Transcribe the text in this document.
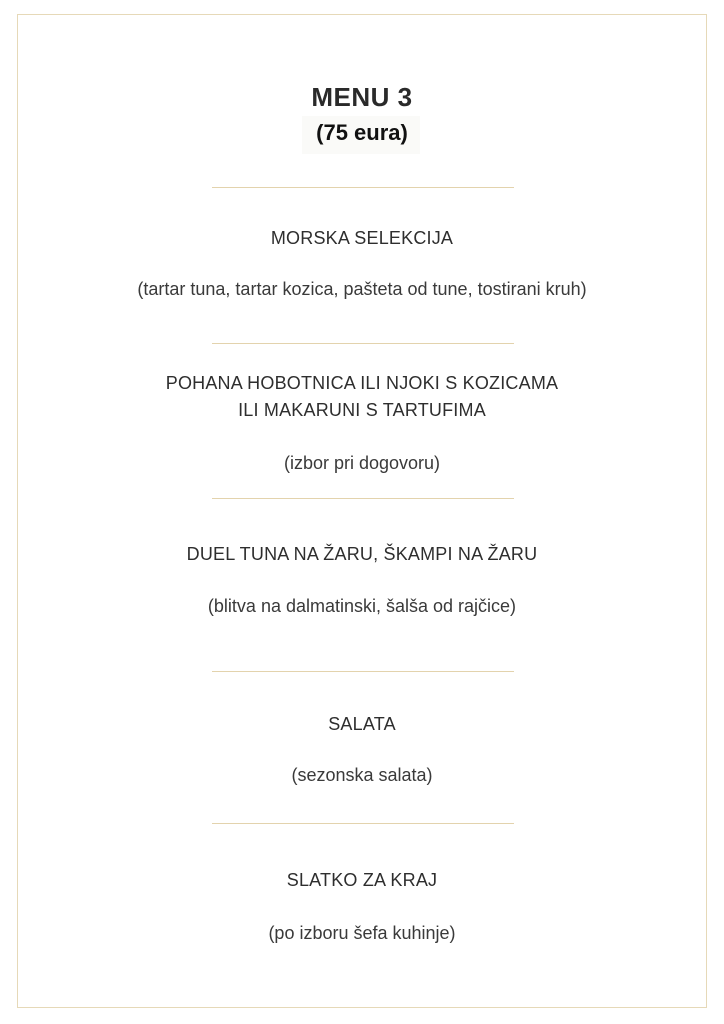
MENU 3
(75 eura)
MORSKA SELEKCIJA
(tartar tuna, tartar kozica, pašteta od tune, tostirani kruh)
POHANA HOBOTNICA ILI NJOKI S KOZICAMA
ILI MAKARUNI S TARTUFIMA
(izbor pri dogovoru)
DUEL TUNA NA ŽARU, ŠKAMPI NA ŽARU
(blitva na dalmatinski, šalša od rajčice)
SALATA
(sezonska salata)
SLATKO ZA KRAJ
(po izboru šefa kuhinje)
